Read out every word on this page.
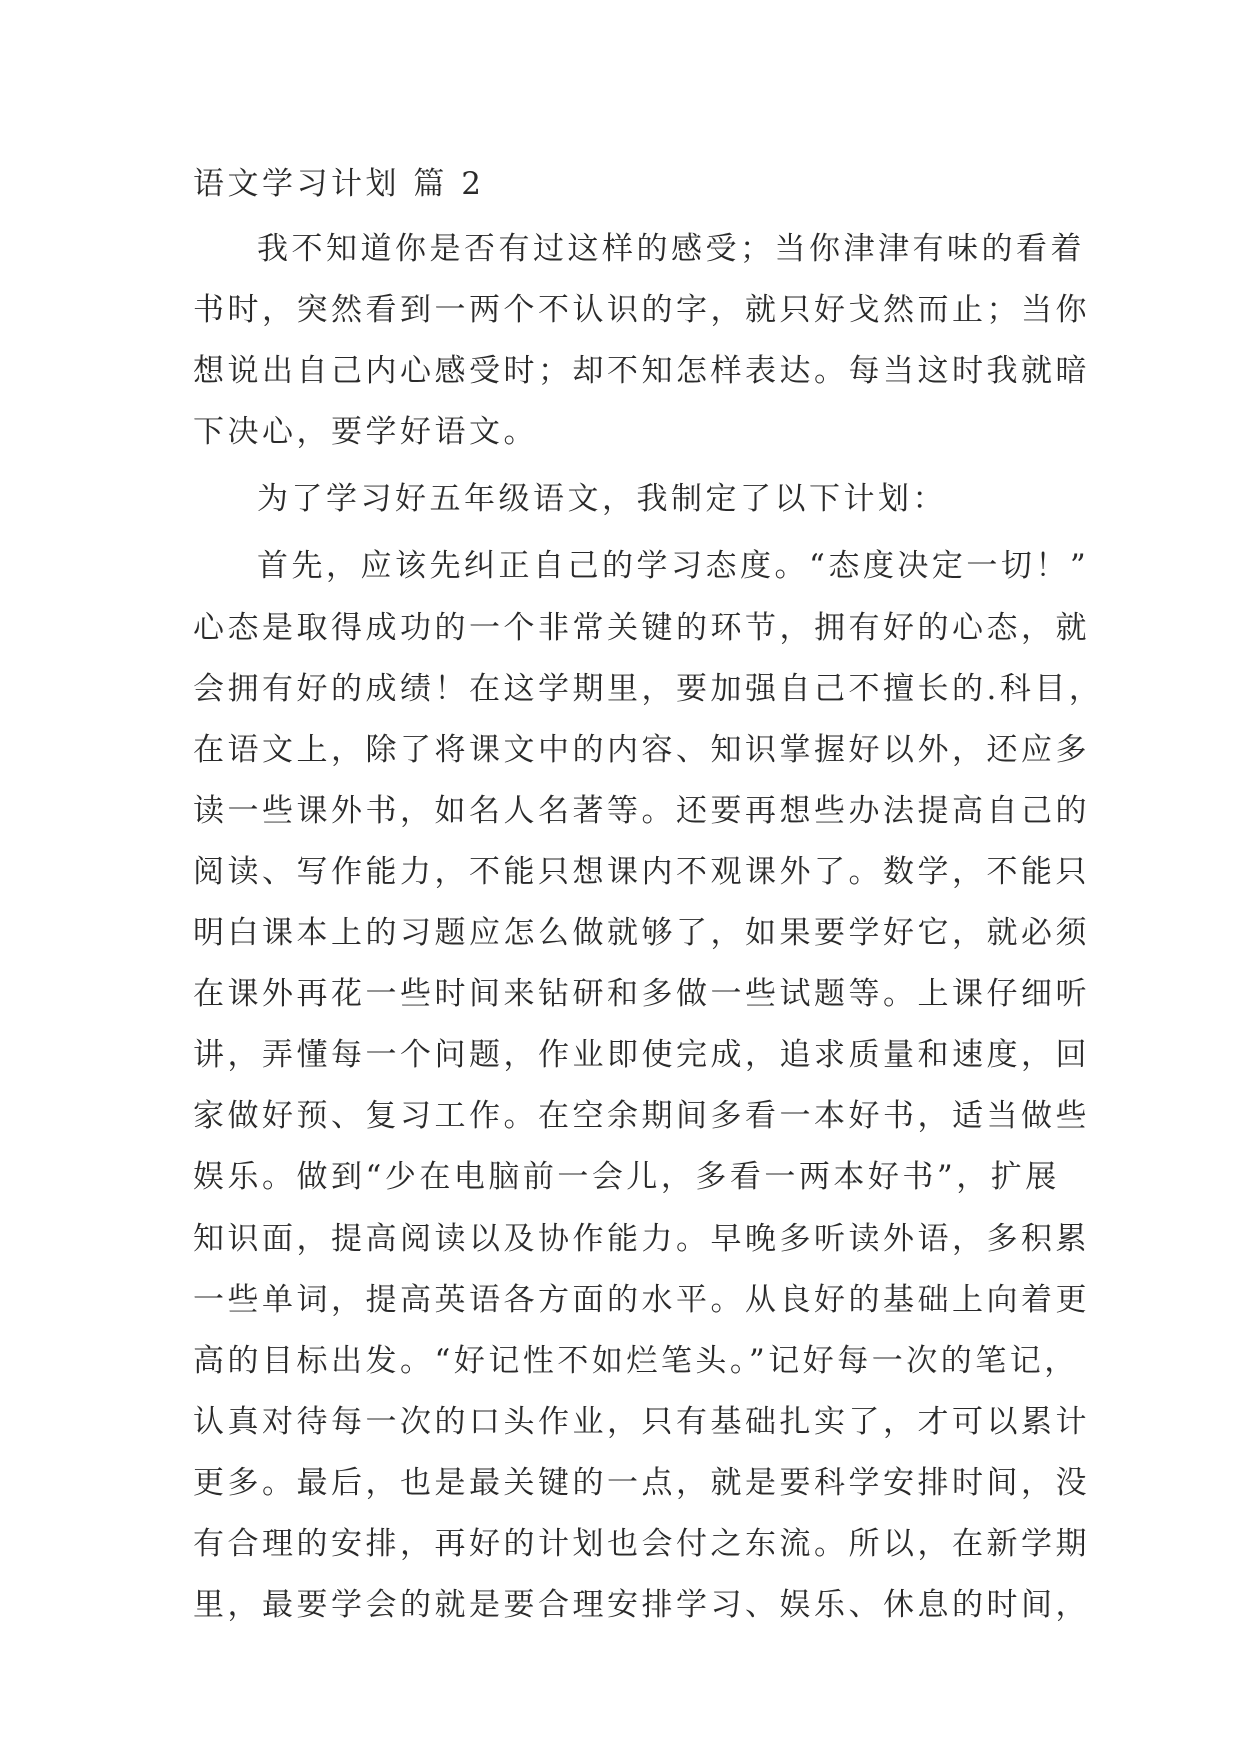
语文学习计划 篇 2
我不知道你是否有过这样的感受；当你津津有味的看着
书时，突然看到一两个不认识的字，就只好戈然而止；当你
想说出自己内心感受时；却不知怎样表达。每当这时我就暗
下决心，要学好语文。
为了学习好五年级语文，我制定了以下计划：
首先，应该先纠正自己的学习态度。“态度决定一切！”
心态是取得成功的一个非常关键的环节，拥有好的心态，就
会拥有好的成绩！在这学期里，要加强自己不擅长的.科目，
在语文上，除了将课文中的内容、知识掌握好以外，还应多
读一些课外书，如名人名著等。还要再想些办法提高自己的
阅读、写作能力，不能只想课内不观课外了。数学，不能只
明白课本上的习题应怎么做就够了，如果要学好它，就必须
在课外再花一些时间来钻研和多做一些试题等。上课仔细听
讲，弄懂每一个问题，作业即使完成，追求质量和速度，回
家做好预、复习工作。在空余期间多看一本好书，适当做些
娱乐。做到“少在电脑前一会儿，多看一两本好书”，扩展
知识面，提高阅读以及协作能力。早晚多听读外语，多积累
一些单词，提高英语各方面的水平。从良好的基础上向着更
高的目标出发。“好记性不如烂笔头。”记好每一次的笔记，
认真对待每一次的口头作业，只有基础扎实了，才可以累计
更多。最后，也是最关键的一点，就是要科学安排时间，没
有合理的安排，再好的计划也会付之东流。所以，在新学期
里，最要学会的就是要合理安排学习、娱乐、休息的时间，
